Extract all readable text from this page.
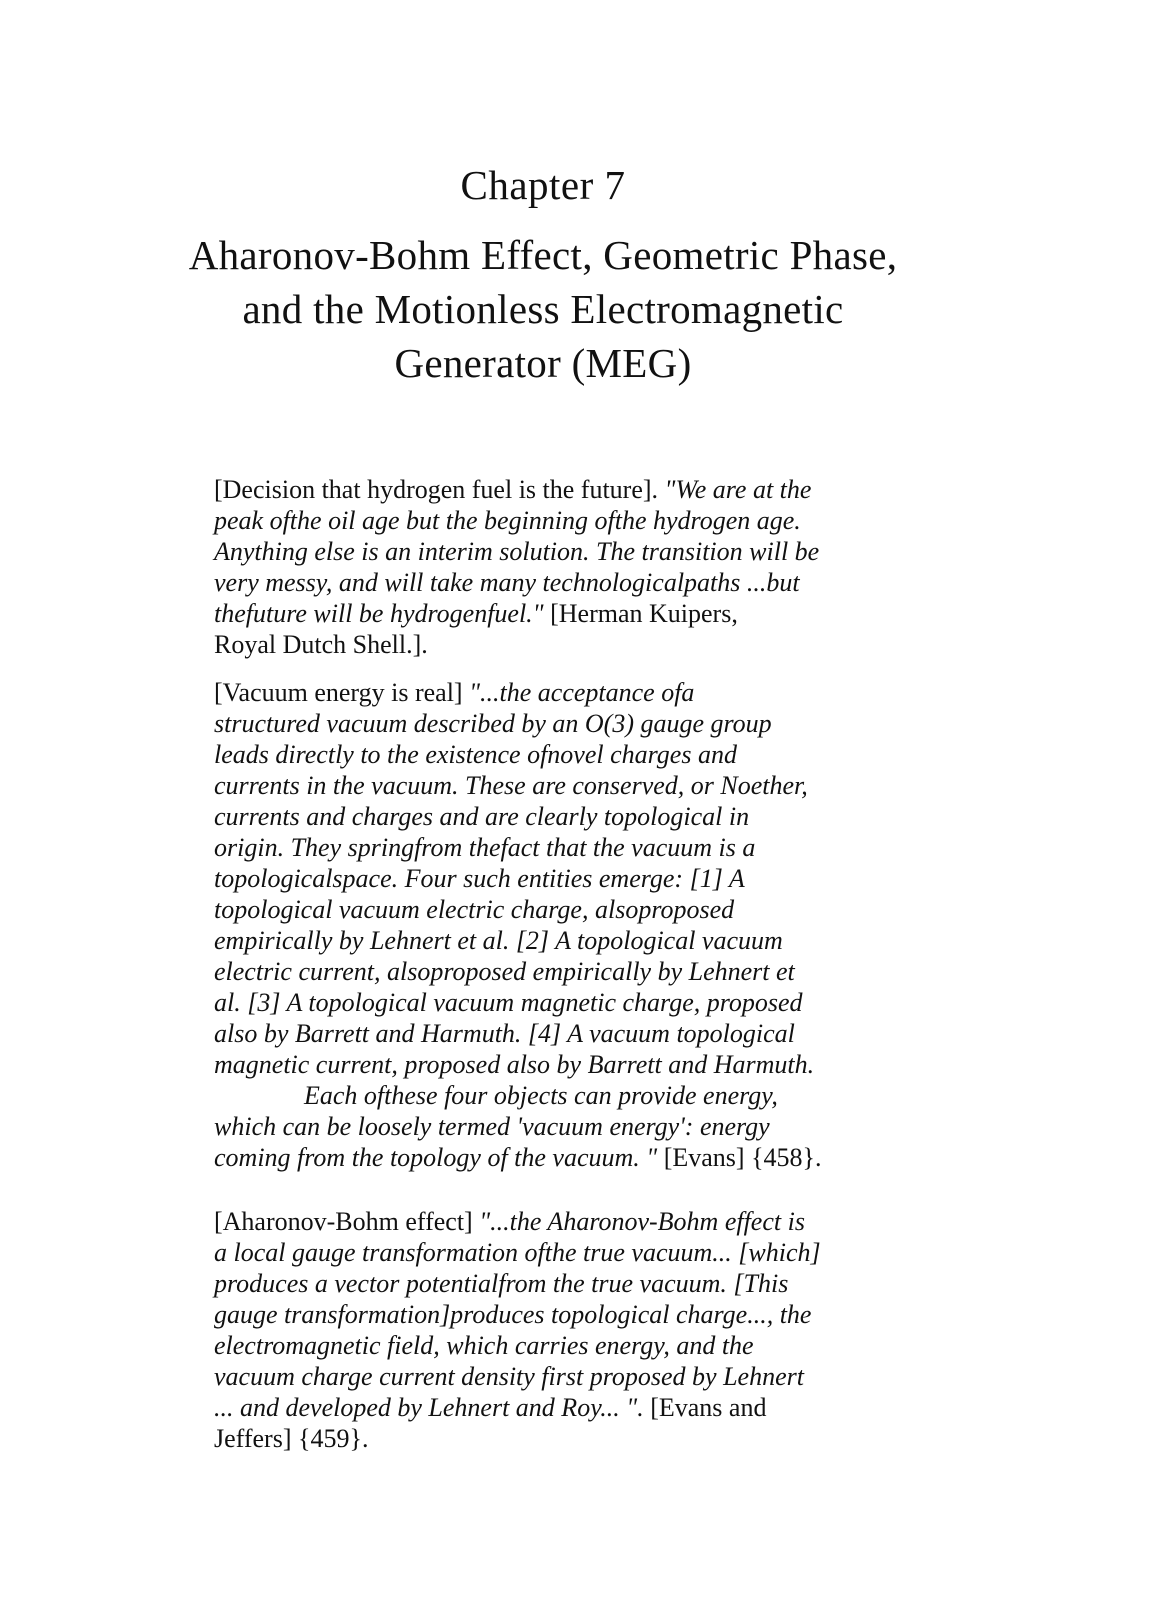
Chapter 7
Aharonov-Bohm Effect, Geometric Phase,
and the Motionless Electromagnetic
Generator (MEG)
[Decision that hydrogen fuel is the future]. "We are at the
peak ofthe oil age but the beginning ofthe hydrogen age.
Anything else is an interim solution. The transition will be
very messy, and will take many technologicalpaths ...but
thefuture will be hydrogenfuel." [Herman Kuipers,
Royal Dutch Shell.].
[Vacuum energy is real] "...the acceptance ofa
structured vacuum described by an O(3) gauge group
leads directly to the existence ofnovel charges and
currents in the vacuum. These are conserved, or Noether,
currents and charges and are clearly topological in
origin. They springfrom thefact that the vacuum is a
topologicalspace. Four such entities emerge: [1] A
topological vacuum electric charge, alsoproposed
empirically by Lehnert et al. [2] A topological vacuum
electric current, alsoproposed empirically by Lehnert et
al. [3] A topological vacuum magnetic charge, proposed
also by Barrett and Harmuth. [4] A vacuum topological
magnetic current, proposed also by Barrett and Harmuth.
Each ofthese four objects can provide energy,
which can be loosely termed 'vacuum energy': energy
coming from the topology of the vacuum. " [Evans] {458}.
[Aharonov-Bohm effect] "...the Aharonov-Bohm effect is
a local gauge transformation ofthe true vacuum... [which]
produces a vector potentialfrom the true vacuum. [This
gauge transformation]produces topological charge..., the
electromagnetic field, which carries energy, and the
vacuum charge current density first proposed by Lehnert
... and developed by Lehnert and Roy... ". [Evans and
Jeffers] {459}.
